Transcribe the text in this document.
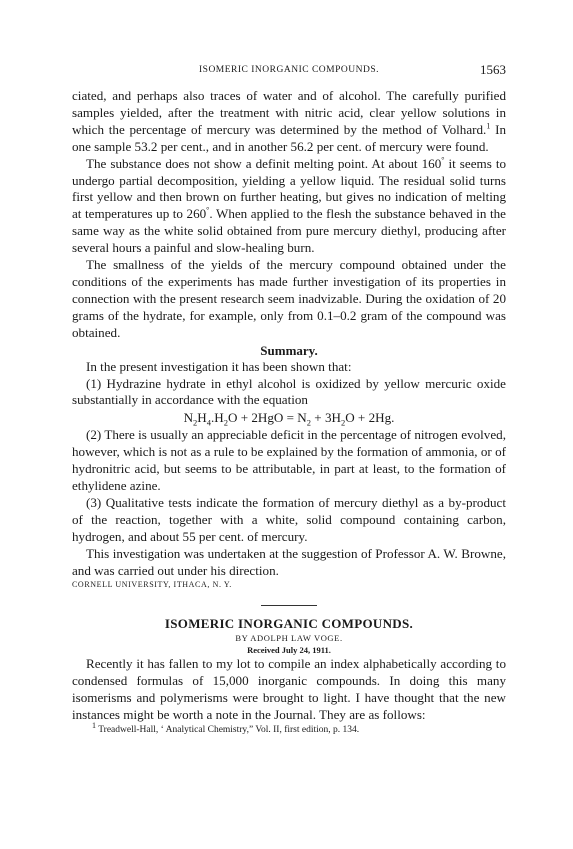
ISOMERIC INORGANIC COMPOUNDS.	1563

ciated, and perhaps also traces of water and of alcohol. The carefully purified samples yielded, after the treatment with nitric acid, clear yellow solutions in which the percentage of mercury was determined by the method of Volhard.$^1$ In one sample 53.2 per cent., and in another 56.2 per cent. of mercury were found.

The substance does not show a definit melting point. At about 160° it seems to undergo partial decomposition, yielding a yellow liquid. The residual solid turns first yellow and then brown on further heating, but gives no indication of melting at temperatures up to 260°. When applied to the flesh the substance behaved in the same way as the white solid obtained from pure mercury diethyl, producing after several hours a painful and slow-healing burn.

The smallness of the yields of the mercury compound obtained under the conditions of the experiments has made further investigation of its properties in connection with the present research seem inadvizable. During the oxidation of 20 grams of the hydrate, for example, only from 0.1–0.2 gram of the compound was obtained.

Summary.

In the present investigation it has been shown that:

(1) Hydrazine hydrate in ethyl alcohol is oxidized by yellow mercuric oxide substantially in accordance with the equation

$N_2H_4.H_2O + 2HgO = N_2 + 3H_2O + 2Hg$.

(2) There is usually an appreciable deficit in the percentage of nitrogen evolved, however, which is not as a rule to be explained by the formation of ammonia, or of hydronitric acid, but seems to be attributable, in part at least, to the formation of ethylidene azine.

(3) Qualitative tests indicate the formation of mercury diethyl as a by-product of the reaction, together with a white, solid compound containing carbon, hydrogen, and about 55 per cent. of mercury.

This investigation was undertaken at the suggestion of Professor A. W. Browne, and was carried out under his direction.

CORNELL UNIVERSITY, ITHACA, N. Y.

ISOMERIC INORGANIC COMPOUNDS.

BY ADOLPH LAW VOGE.

Received July 24, 1911.

Recently it has fallen to my lot to compile an index alphabetically according to condensed formulas of 15,000 inorganic compounds. In doing this many isomerisms and polymerisms were brought to light. I have thought that the new instances might be worth a note in the Journal. They are as follows:

$^1$ Treadwell-Hall, ‘ Analytical Chemistry,” Vol. II, first edition, p. 134.
